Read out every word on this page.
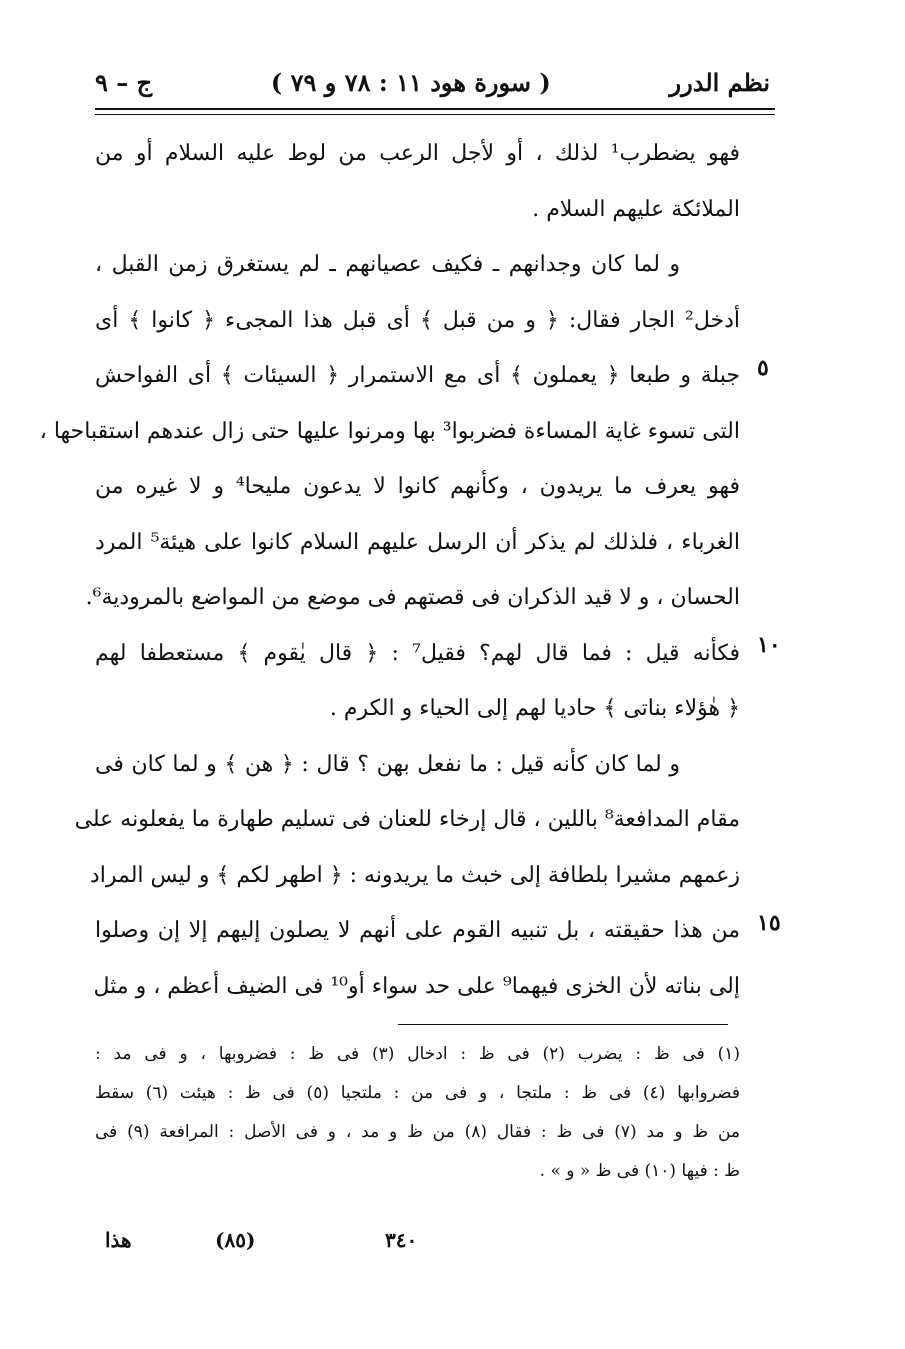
نظم الدرر
( سورة هود ١١ : ٧٨ و ٧٩ )
ج – ٩
فهو يضطرب¹ لذلك ، أو لأجل الرعب من لوط عليه السلام أو من
الملائكة عليهم السلام .
و لما كان وجدانهم ـ فكيف عصيانهم ـ لم يستغرق زمن القبل ،
أدخل² الجار فقال: ﴿ و من قبل ﴾ أى قبل هذا المجىء ﴿ كانوا ﴾ أى
جبلة و طبعا ﴿ يعملون ﴾ أى مع الاستمرار ﴿ السيئات ﴾ أى الفواحش
التى تسوء غاية المساءة فضربوا³ بها ومرنوا عليها حتى زال عندهم استقباحها ،
فهو يعرف ما يريدون ، وكأنهم كانوا لا يدعون مليحا⁴ و لا غيره من
الغرباء ، فلذلك لم يذكر أن الرسل عليهم السلام كانوا على هيئة⁵ المرد
الحسان ، و لا قيد الذكران فى قصتهم فى موضع من المواضع بالمرودية⁶.
فكأنه قيل : فما قال لهم؟ فقيل⁷ : ﴿ قال يٰقوم ﴾ مستعطفا لهم
﴿ هٰؤلاء بناتى ﴾ حاديا لهم إلى الحياء و الكرم .
و لما كان كأنه قيل : ما نفعل بهن ؟ قال : ﴿ هن ﴾ و لما كان فى
مقام المدافعة⁸ باللين ، قال إرخاء للعنان فى تسليم طهارة ما يفعلونه على
زعمهم مشيرا بلطافة إلى خبث ما يريدونه : ﴿ اطهر لكم ﴾ و ليس المراد
من هذا حقيقته ، بل تنبيه القوم على أنهم لا يصلون إليهم إلا إن وصلوا
إلى بناته لأن الخزى فيهما⁹ على حد سواء أو¹⁰ فى الضيف أعظم ، و مثل
٥
١٠
١٥
(١) فى ظ : يضرب (٢) فى ظ : ادخال (٣) فى ظ : فضروبها ، و فى مد :
فضروابها (٤) فى ظ : ملتجا ، و فى من : ملتجيا (٥) فى ظ : هيئت (٦) سقط
من ظ و مد (٧) فى ظ : فقال (٨) من ظ و مد ، و فى الأصل : المرافعة (٩) فى
ظ : فيها (١٠) فى ظ « و » .
هذا	(٨٥)	٣٤٠
